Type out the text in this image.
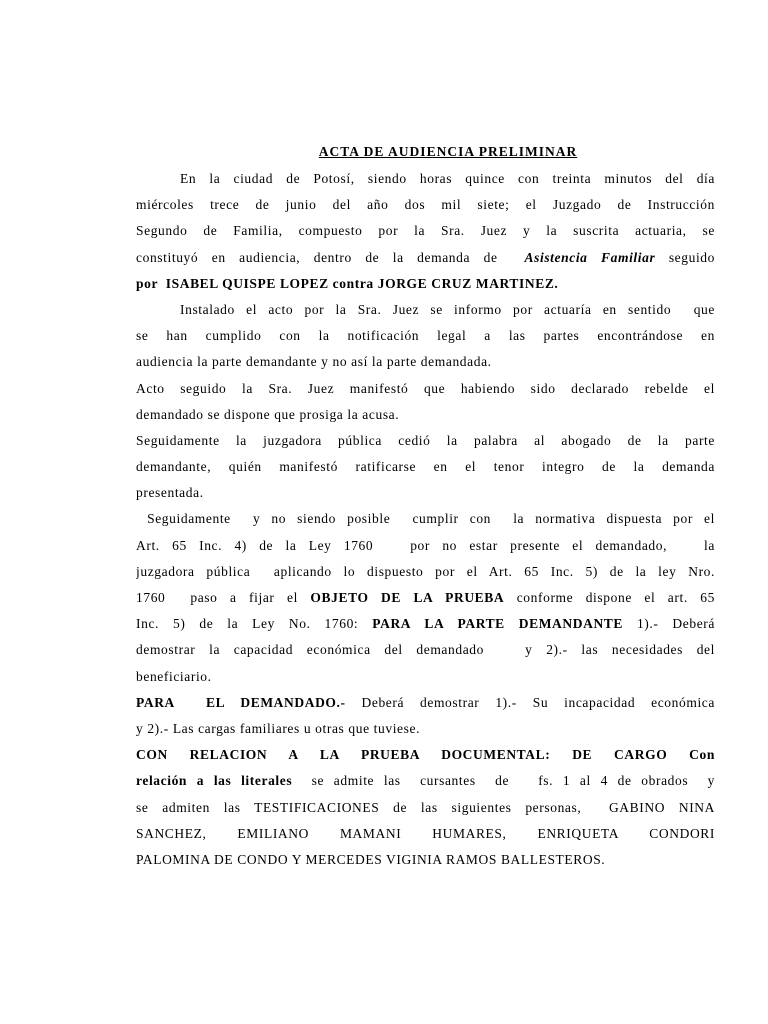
ACTA DE AUDIENCIA PRELIMINAR
En la ciudad de Potosí, siendo horas quince con treinta minutos del día
miércoles trece de junio del año dos mil siete; el Juzgado de Instrucción
Segundo de Familia, compuesto por la Sra. Juez y la suscrita actuaria, se
constituyó en audiencia, dentro de la demanda de  Asistencia Familiar seguido
por  ISABEL QUISPE LOPEZ contra JORGE CRUZ MARTINEZ.
Instalado el acto por la Sra. Juez se informo por actuaría en sentido  que
se han cumplido con la notificación legal a las partes encontrándose en
audiencia la parte demandante y no así la parte demandada.
Acto seguido la Sra. Juez manifestó que habiendo sido declarado rebelde el
demandado se dispone que prosiga la acusa.
Seguidamente la juzgadora pública cedió la palabra al abogado de la parte
demandante, quién manifestó ratificarse en el tenor integro de la demanda
presentada.
Seguidamente  y no siendo posible  cumplir con  la normativa dispuesta por el
Art. 65 Inc. 4) de la Ley 1760   por no estar presente el demandado,   la
juzgadora pública  aplicando lo dispuesto por el Art. 65 Inc. 5) de la ley Nro.
1760  paso a fijar el OBJETO DE LA PRUEBA conforme dispone el art. 65
Inc. 5) de la Ley No. 1760: PARA LA PARTE DEMANDANTE 1).- Deberá
demostrar la capacidad económica del demandado   y 2).- las necesidades del
beneficiario.
PARA  EL DEMANDADO.- Deberá demostrar 1).- Su incapacidad económica
y 2).- Las cargas familiares u otras que tuviese.
CON RELACION A LA PRUEBA DOCUMENTAL: DE CARGO Con
relación a las literales  se admite las  cursantes  de   fs. 1 al 4 de obrados  y
se admiten las TESTIFICACIONES de las siguientes personas,  GABINO NINA
SANCHEZ, EMILIANO MAMANI HUMARES, ENRIQUETA CONDORI
PALOMINA DE CONDO Y MERCEDES VIGINIA RAMOS BALLESTEROS.
